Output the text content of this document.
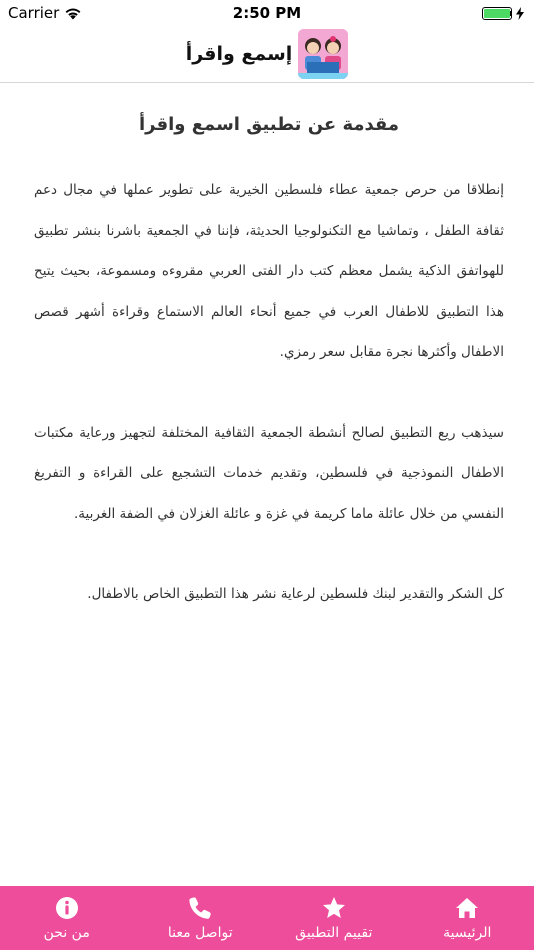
Carrier	2:50 PM
إسمع واقرأ
مقدمة عن تطبيق اسمع واقرأ

إنطلاقا من حرص جمعية عطاء فلسطين الخيرية على تطوير عملها في مجال دعم ثقافة الطفل ، وتماشيا مع التكنولوجيا الحديثة، فإننا في الجمعية باشرنا بنشر تطبيق للهواتفق الذكية يشمل معظم كتب دار الفتى العربي مقروءه ومسموعة، بحيث يتيح هذا التطبيق للاطفال العرب في جميع أنحاء العالم الاستماع وقراءة أشهر قصص الاطفال وأكثرها نجرة مقابل سعر رمزي.

سيذهب ريع التطبيق لصالح أنشطة الجمعية الثقافية المختلفة لتجهيز ورعاية مكتبات الاطفال النموذجية في فلسطين، وتقديم خدمات التشجيع على القراءة و التفريغ النفسي من خلال عائلة ماما كريمة في غزة و عائلة الغزلان في الضفة الغربية.

كل الشكر والتقدير لبنك فلسطين لرعاية نشر هذا التطبيق الخاص بالاطفال.

الرئيسية
تقييم التطبيق
تواصل معنا
من نحن
